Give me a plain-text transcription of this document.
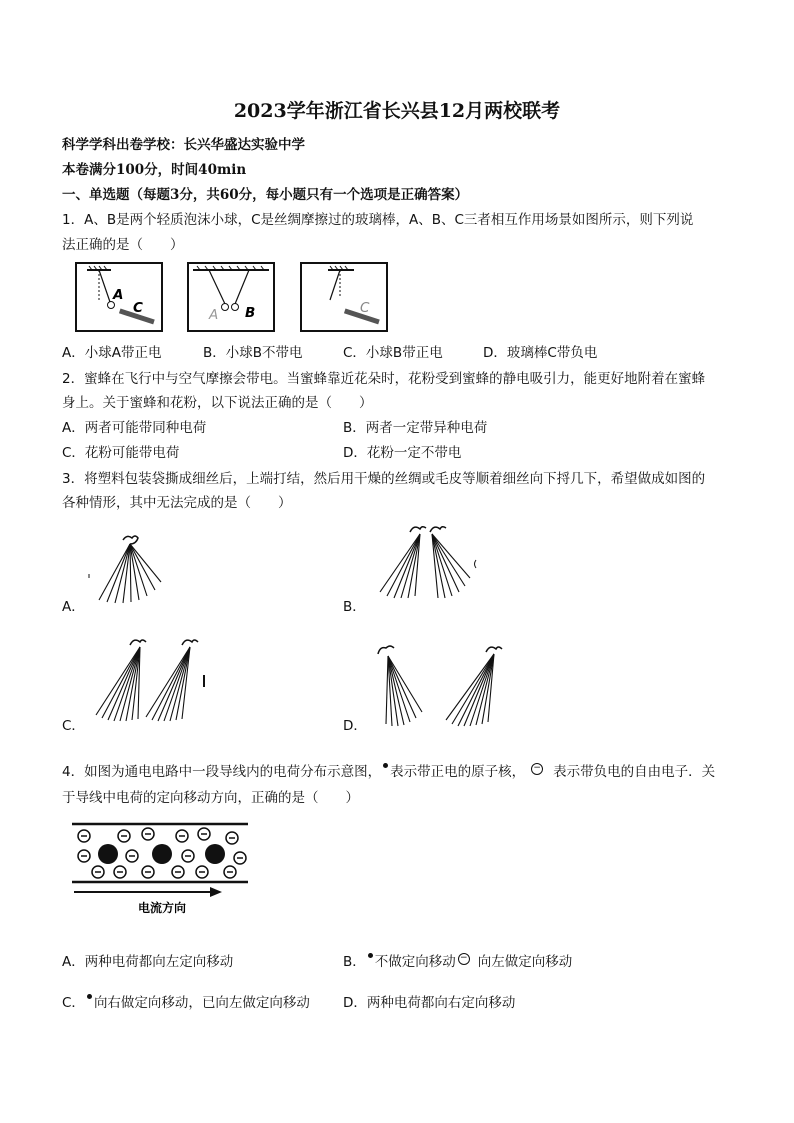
2023学年浙江省长兴县12月两校联考
科学学科出卷学校：长兴华盛达实验中学
本卷满分100分，时间40min
一、单选题（每题3分，共60分，每小题只有一个选项是正确答案）
1．A、B是两个轻质泡沫小球，C是丝绸摩擦过的玻璃棒，A、B、C三者相互作用场景如图所示，则下列说
法正确的是（　　）
A
C	A B	C
A．小球A带正电	B．小球B不带电	C．小球B带正电	D．玻璃棒C带负电
2．蜜蜂在飞行中与空气摩擦会带电。当蜜蜂靠近花朵时，花粉受到蜜蜂的静电吸引力，能更好地附着在蜜蜂
身上。关于蜜蜂和花粉，以下说法正确的是（　　）
A．两者可能带同种电荷	B．两者一定带异种电荷
C．花粉可能带电荷	D．花粉一定不带电
3．将塑料包装袋撕成细丝后，上端打结，然后用干燥的丝绸或毛皮等顺着细丝向下捋几下，希望做成如图的
各种情形，其中无法完成的是（　　）
A．	B．
C．	D．
4．如图为通电电路中一段导线内的电荷分布示意图， 表示带正电的原子核， − 表示带负电的自由电子．关
于导线中电荷的定向移动方向，正确的是（　　）
电流方向
A．两种电荷都向左定向移动	B． 不做定向移动 − 向左做定向移动
C． 向右做定向移动，已向左做定向移动 D．两种电荷都向右定向移动
